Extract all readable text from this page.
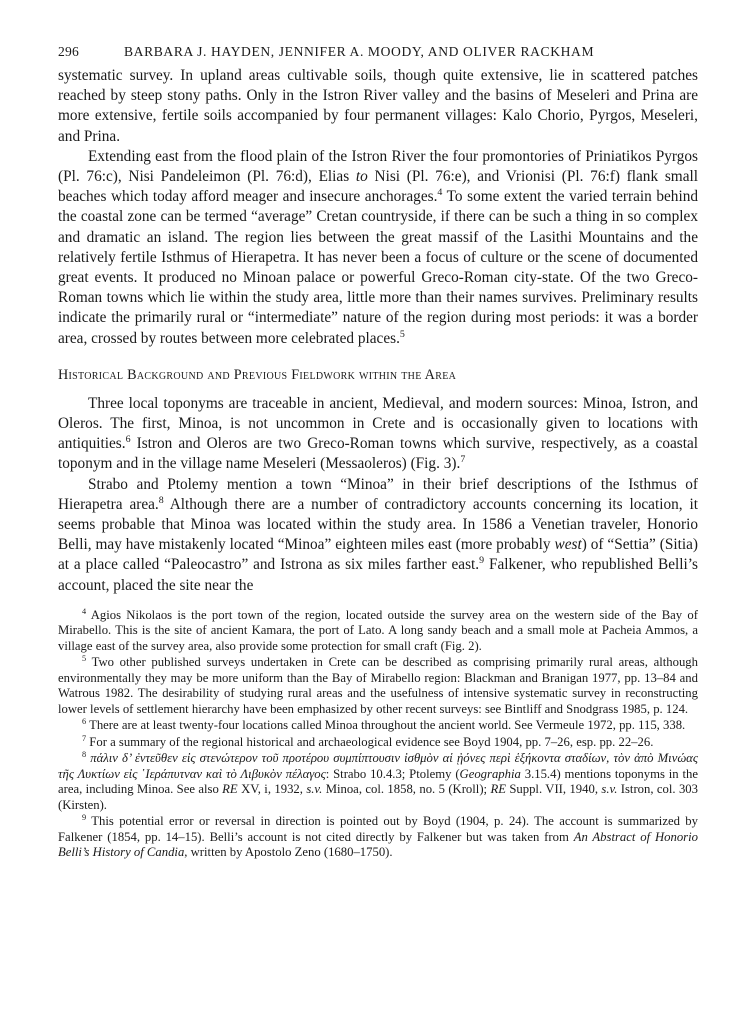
296	BARBARA J. HAYDEN, JENNIFER A. MOODY, AND OLIVER RACKHAM

systematic survey. In upland areas cultivable soils, though quite extensive, lie in scattered patches reached by steep stony paths. Only in the Istron River valley and the basins of Meseleri and Prina are more extensive, fertile soils accompanied by four permanent villages: Kalo Chorio, Pyrgos, Meseleri, and Prina.

Extending east from the flood plain of the Istron River the four promontories of Priniatikos Pyrgos (Pl. 76:c), Nisi Pandeleimon (Pl. 76:d), Elias to Nisi (Pl. 76:e), and Vrionisi (Pl. 76:f) flank small beaches which today afford meager and insecure anchorages.$^4$ To some extent the varied terrain behind the coastal zone can be termed “average” Cretan countryside, if there can be such a thing in so complex and dramatic an island. The region lies between the great massif of the Lasithi Mountains and the relatively fertile Isthmus of Hierapetra. It has never been a focus of culture or the scene of documented great events. It produced no Minoan palace or powerful Greco-Roman city-state. Of the two Greco-Roman towns which lie within the study area, little more than their names survives. Preliminary results indicate the primarily rural or “intermediate” nature of the region during most periods: it was a border area, crossed by routes between more celebrated places.$^5$

Historical Background and Previous Fieldwork within the Area

Three local toponyms are traceable in ancient, Medieval, and modern sources: Minoa, Istron, and Oleros. The first, Minoa, is not uncommon in Crete and is occasionally given to locations with antiquities.$^6$ Istron and Oleros are two Greco-Roman towns which survive, respectively, as a coastal toponym and in the village name Meseleri (Messaoleros) (Fig. 3).$^7$

Strabo and Ptolemy mention a town “Minoa” in their brief descriptions of the Isthmus of Hierapetra area.$^8$ Although there are a number of contradictory accounts concerning its location, it seems probable that Minoa was located within the study area. In 1586 a Venetian traveler, Honorio Belli, may have mistakenly located “Minoa” eighteen miles east (more probably west) of “Settia” (Sitia) at a place called “Paleocastro” and Istrona as six miles farther east.$^9$ Falkener, who republished Belli’s account, placed the site near the

$^4$ Agios Nikolaos is the port town of the region, located outside the survey area on the western side of the Bay of Mirabello. This is the site of ancient Kamara, the port of Lato. A long sandy beach and a small mole at Pacheia Ammos, a village east of the survey area, also provide some protection for small craft (Fig. 2).

$^5$ Two other published surveys undertaken in Crete can be described as comprising primarily rural areas, although environmentally they may be more uniform than the Bay of Mirabello region: Blackman and Branigan 1977, pp. 13–84 and Watrous 1982. The desirability of studying rural areas and the usefulness of intensive systematic survey in reconstructing lower levels of settlement hierarchy have been emphasized by other recent surveys: see Bintliff and Snodgrass 1985, p. 124.

$^6$ There are at least twenty-four locations called Minoa throughout the ancient world. See Vermeule 1972, pp. 115, 338.

$^7$ For a summary of the regional historical and archaeological evidence see Boyd 1904, pp. 7–26, esp. pp. 22–26.

$^8$ πάλιν δ’ ἐντεῦθεν εἰς στενώτερον τοῦ προτέρου συμπίπτουσιν ἰσθμὸν αἱ ᾐόνες περὶ ἑξήκοντα σταδίων, τὸν ἀπὸ Μινώας τῆς Λυκτίων εἰς ῾Ιεράπυτναν καὶ τὸ Λιβυκὸν πέλαγος: Strabo 10.4.3; Ptolemy (Geographia 3.15.4) mentions toponyms in the area, including Minoa. See also RE XV, i, 1932, s.v. Minoa, col. 1858, no. 5 (Kroll); RE Suppl. VII, 1940, s.v. Istron, col. 303 (Kirsten).

$^9$ This potential error or reversal in direction is pointed out by Boyd (1904, p. 24). The account is summarized by Falkener (1854, pp. 14–15). Belli’s account is not cited directly by Falkener but was taken from An Abstract of Honorio Belli’s History of Candia, written by Apostolo Zeno (1680–1750).
